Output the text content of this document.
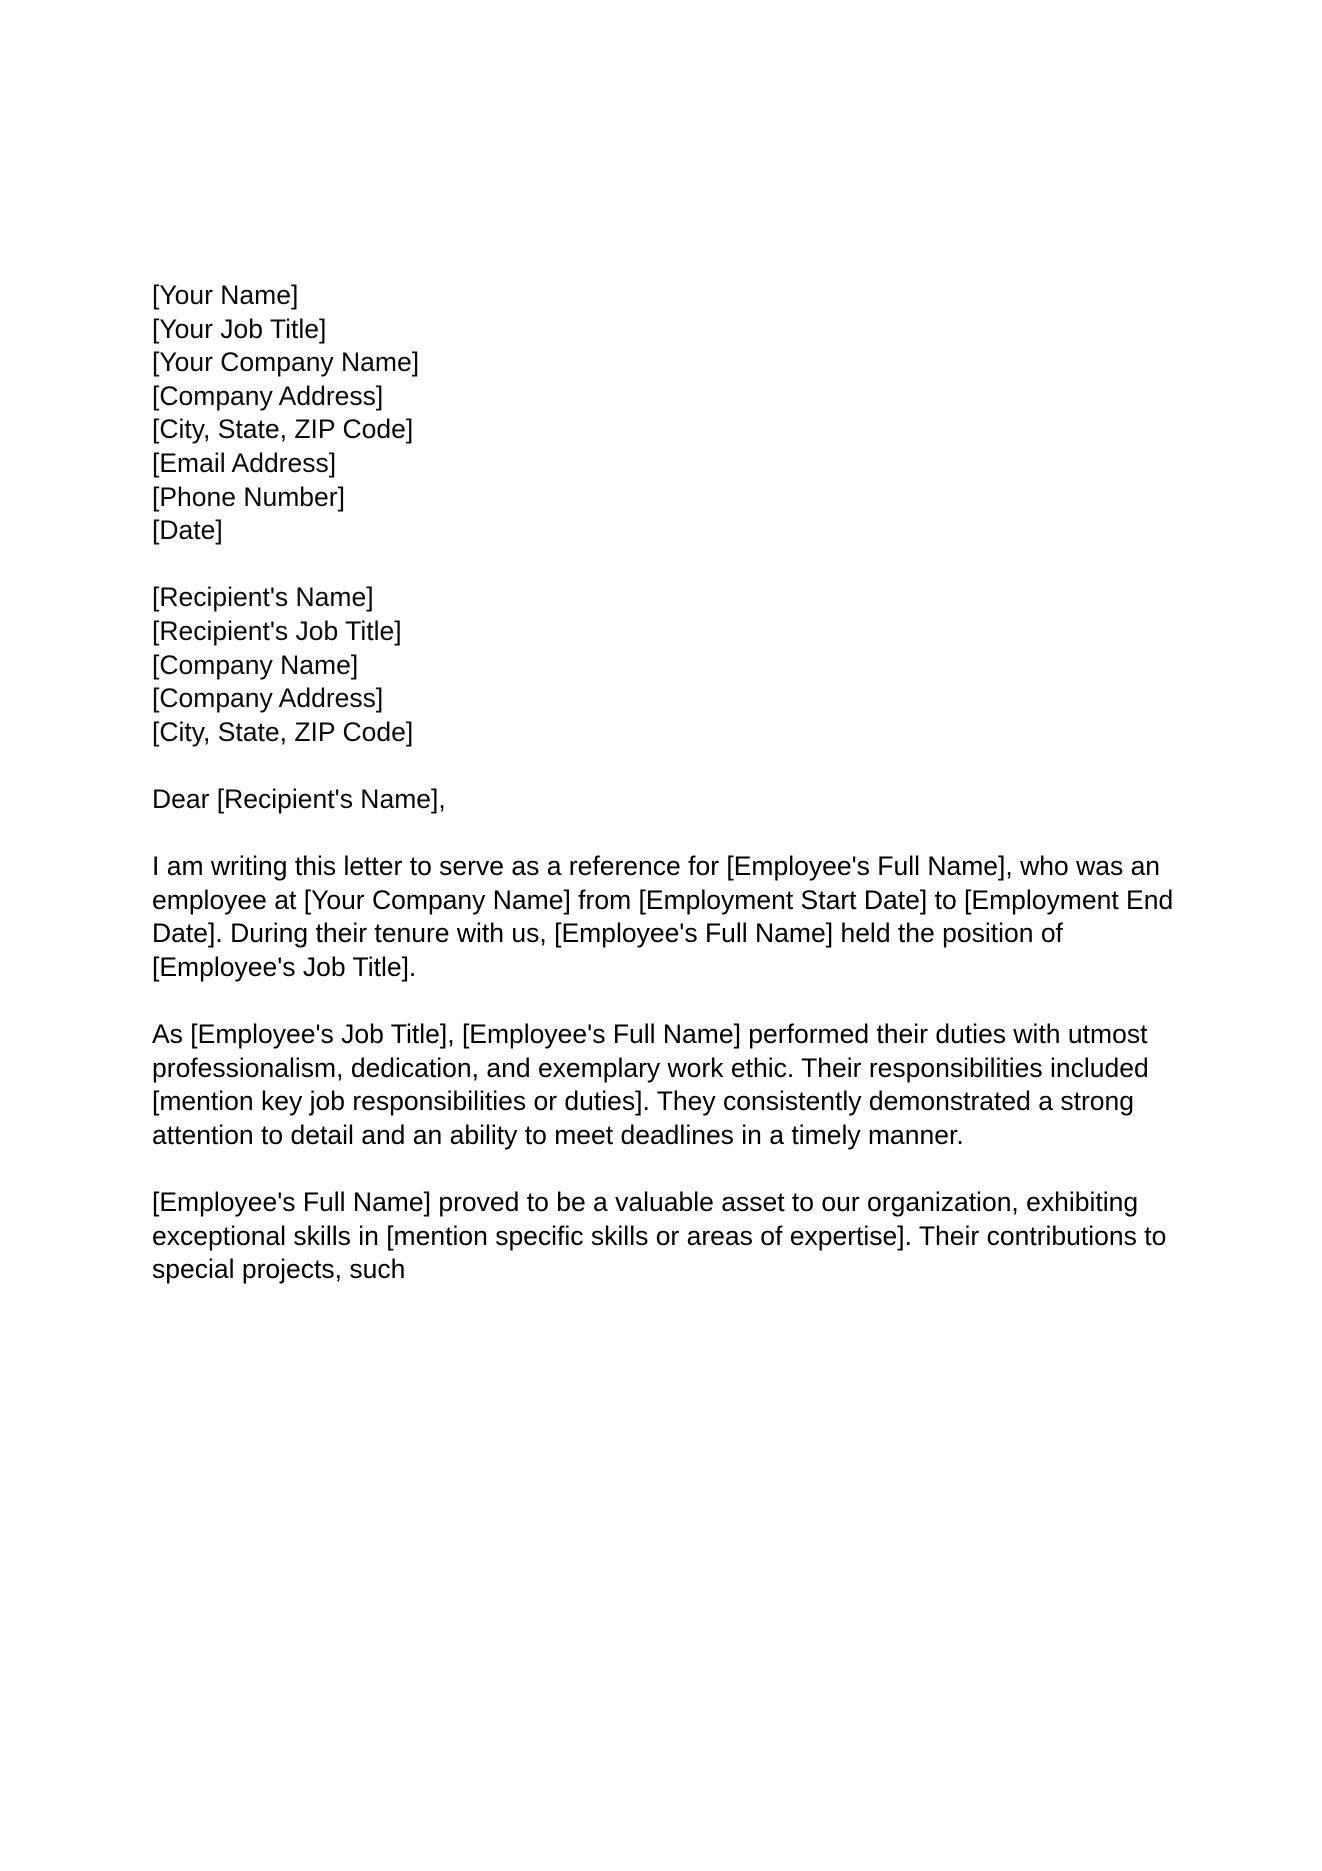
[Your Name]
[Your Job Title]
[Your Company Name]
[Company Address]
[City, State, ZIP Code]
[Email Address]
[Phone Number]
[Date]

[Recipient's Name]
[Recipient's Job Title]
[Company Name]
[Company Address]
[City, State, ZIP Code]

Dear [Recipient's Name],

I am writing this letter to serve as a reference for [Employee's Full Name], who was an employee at [Your Company Name] from [Employment Start Date] to [Employment End Date]. During their tenure with us, [Employee's Full Name] held the position of [Employee's Job Title].

As [Employee's Job Title], [Employee's Full Name] performed their duties with utmost professionalism, dedication, and exemplary work ethic. Their responsibilities included [mention key job responsibilities or duties]. They consistently demonstrated a strong attention to detail and an ability to meet deadlines in a timely manner.

[Employee's Full Name] proved to be a valuable asset to our organization, exhibiting exceptional skills in [mention specific skills or areas of expertise]. Their contributions to special projects, such
